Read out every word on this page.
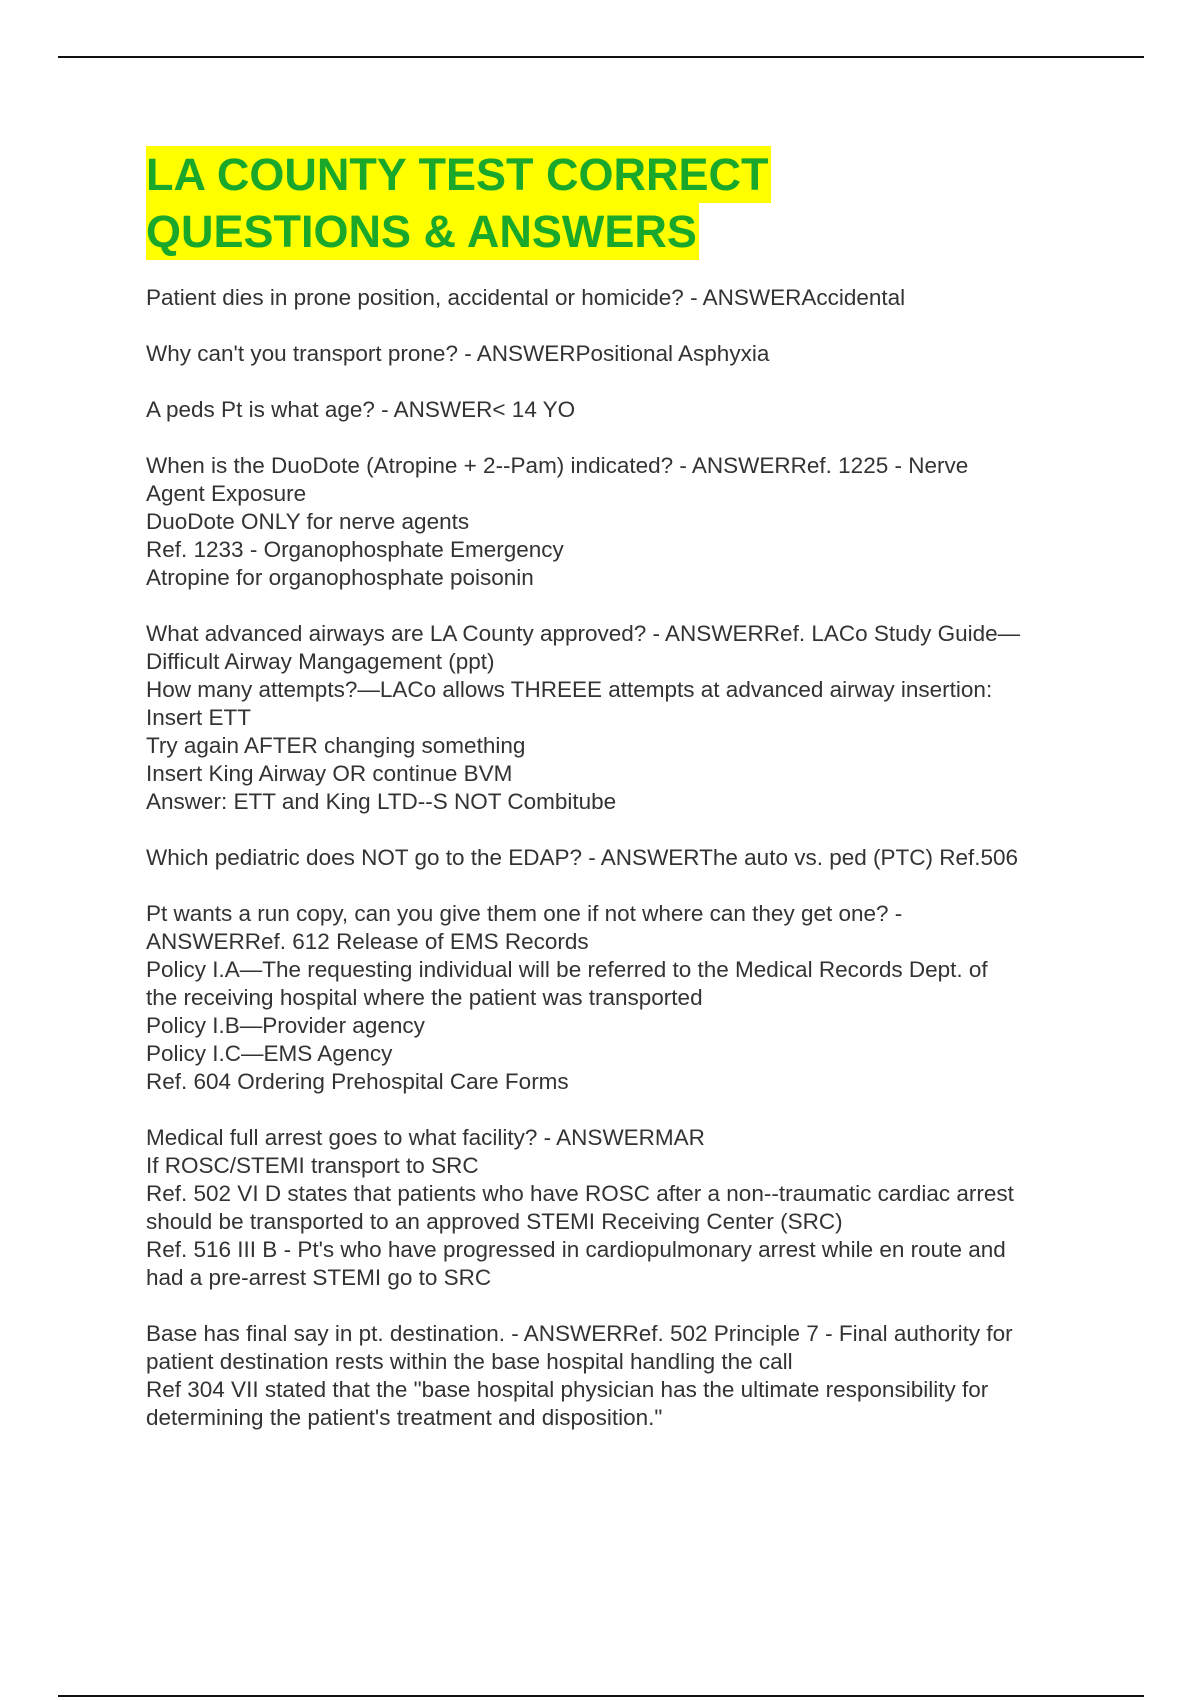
LA COUNTY TEST CORRECT
QUESTIONS & ANSWERS
Patient dies in prone position, accidental or homicide? - ANSWERAccidental
Why can't you transport prone? - ANSWERPositional Asphyxia
A peds Pt is what age? - ANSWER< 14 YO
When is the DuoDote (Atropine + 2--Pam) indicated? - ANSWERRef. 1225 - Nerve
Agent Exposure
DuoDote ONLY for nerve agents
Ref. 1233 - Organophosphate Emergency
Atropine for organophosphate poisonin
What advanced airways are LA County approved? - ANSWERRef. LACo Study Guide—
Difficult Airway Mangagement (ppt)
How many attempts?—LACo allows THREEE attempts at advanced airway insertion:
Insert ETT
Try again AFTER changing something
Insert King Airway OR continue BVM
Answer: ETT and King LTD--S NOT Combitube
Which pediatric does NOT go to the EDAP? - ANSWERThe auto vs. ped (PTC) Ref.506
Pt wants a run copy, can you give them one if not where can they get one? -
ANSWERRef. 612 Release of EMS Records
Policy I.A—The requesting individual will be referred to the Medical Records Dept. of
the receiving hospital where the patient was transported
Policy I.B—Provider agency
Policy I.C—EMS Agency
Ref. 604 Ordering Prehospital Care Forms
Medical full arrest goes to what facility? - ANSWERMAR
If ROSC/STEMI transport to SRC
Ref. 502 VI D states that patients who have ROSC after a non--traumatic cardiac arrest
should be transported to an approved STEMI Receiving Center (SRC)
Ref. 516 III B - Pt's who have progressed in cardiopulmonary arrest while en route and
had a pre-arrest STEMI go to SRC
Base has final say in pt. destination. - ANSWERRef. 502 Principle 7 - Final authority for
patient destination rests within the base hospital handling the call
Ref 304 VII stated that the "base hospital physician has the ultimate responsibility for
determining the patient's treatment and disposition."
